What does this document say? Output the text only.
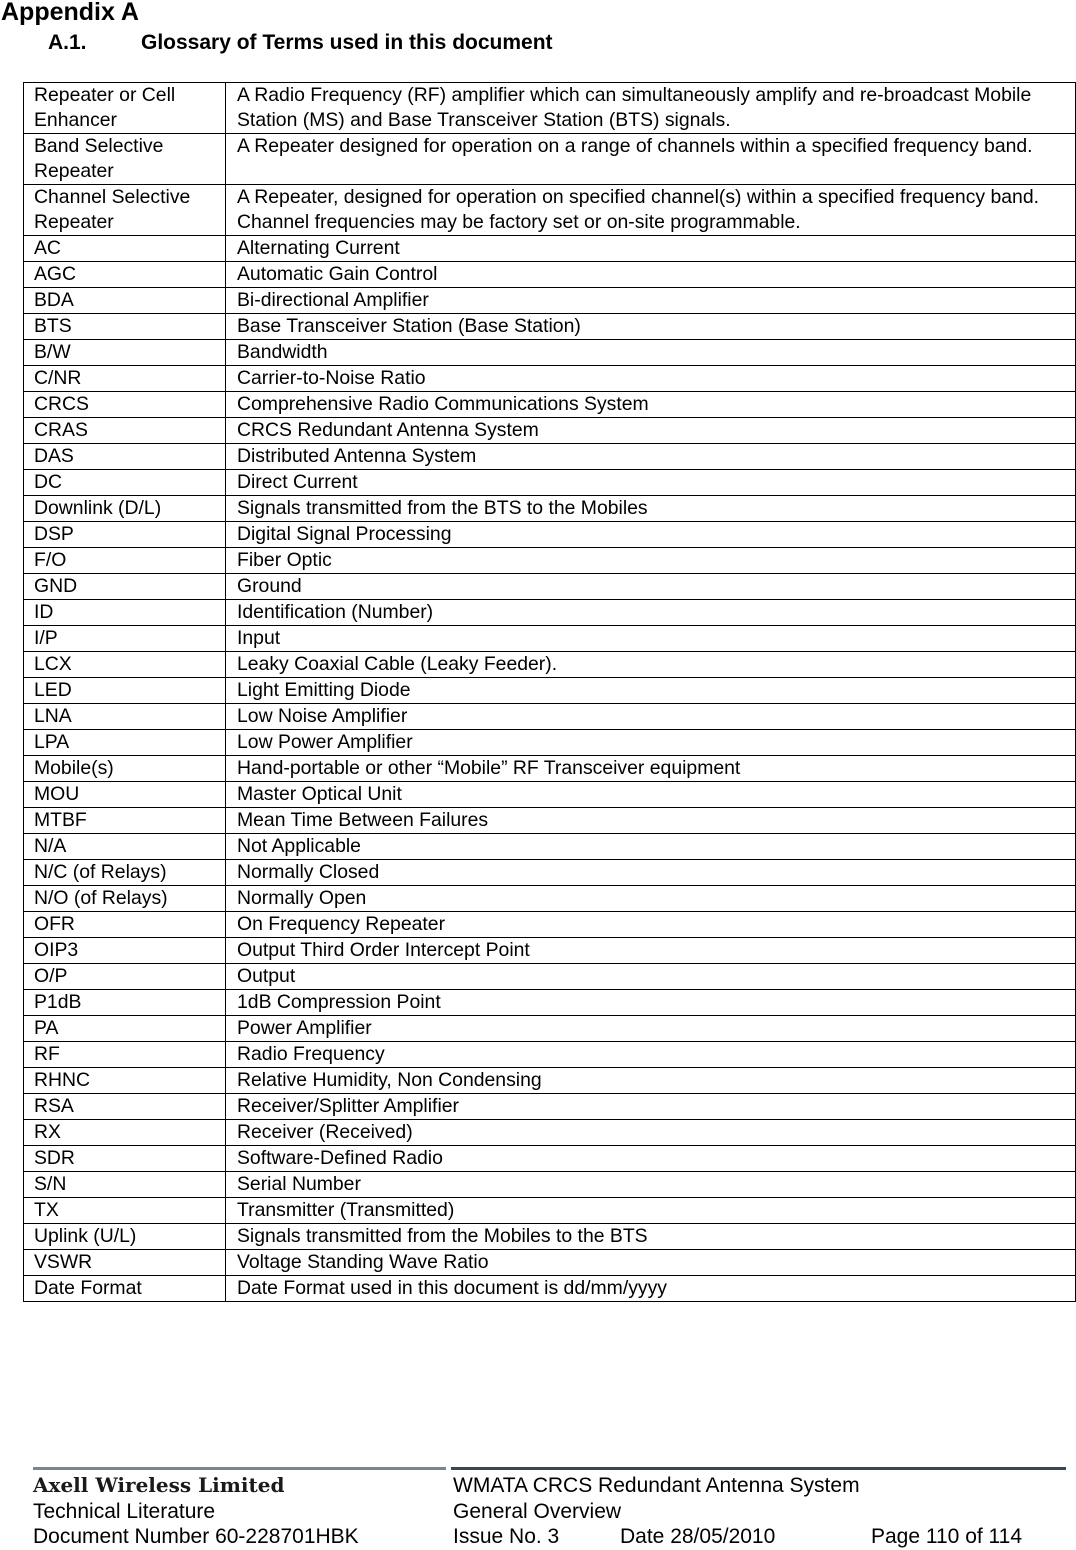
Appendix A
A.1.	Glossary of Terms used in this document
Repeater or Cell Enhancer	A Radio Frequency (RF) amplifier which can simultaneously amplify and re-broadcast Mobile Station (MS) and Base Transceiver Station (BTS) signals.
Band Selective Repeater	A Repeater designed for operation on a range of channels within a specified frequency band.
Channel Selective Repeater	A Repeater, designed for operation on specified channel(s) within a specified frequency band. Channel frequencies may be factory set or on-site programmable.
AC	Alternating Current
AGC	Automatic Gain Control
BDA	Bi-directional Amplifier
BTS	Base Transceiver Station (Base Station)
B/W	Bandwidth
C/NR	Carrier-to-Noise Ratio
CRCS	Comprehensive Radio Communications System
CRAS	CRCS Redundant Antenna System
DAS	Distributed Antenna System
DC	Direct Current
Downlink (D/L)	Signals transmitted from the BTS to the Mobiles
DSP	Digital Signal Processing
F/O	Fiber Optic
GND	Ground
ID	Identification (Number)
I/P	Input
LCX	Leaky Coaxial Cable (Leaky Feeder).
LED	Light Emitting Diode
LNA	Low Noise Amplifier
LPA	Low Power Amplifier
Mobile(s)	Hand-portable or other “Mobile” RF Transceiver equipment
MOU	Master Optical Unit
MTBF	Mean Time Between Failures
N/A	Not Applicable
N/C (of Relays)	Normally Closed
N/O (of Relays)	Normally Open
OFR	On Frequency Repeater
OIP3	Output Third Order Intercept Point
O/P	Output
P1dB	1dB Compression Point
PA	Power Amplifier
RF	Radio Frequency
RHNC	Relative Humidity, Non Condensing
RSA	Receiver/Splitter Amplifier
RX	Receiver (Received)
SDR	Software-Defined Radio
S/N	Serial Number
TX	Transmitter (Transmitted)
Uplink (U/L)	Signals transmitted from the Mobiles to the BTS
VSWR	Voltage Standing Wave Ratio
Date Format	Date Format used in this document is dd/mm/yyyy
Axell Wireless Limited
Technical Literature
Document Number 60-228701HBK
WMATA CRCS Redundant Antenna System
General Overview
Issue No. 3	Date 28/05/2010	Page 110 of 114
